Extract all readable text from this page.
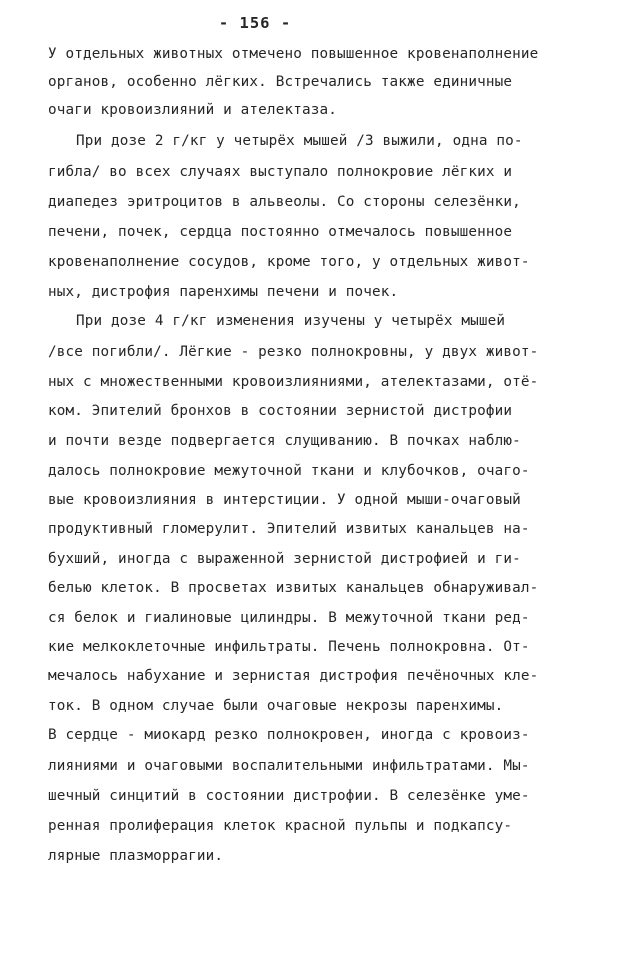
- 156 -
У отдельных животных отмечено повышенное кровенаполнение
органов, особенно лёгких. Встречались также единичные
очаги кровоизлияний и ателектаза.
При дозе 2 г/кг у четырёх мышей /3 выжили, одна по-
гибла/ во всех случаях выступало полнокровие лёгких и
диапедез эритроцитов в альвеолы. Со стороны селезёнки,
печени, почек, сердца постоянно отмечалось повышенное
кровенаполнение сосудов, кроме того, у отдельных живот-
ных, дистрофия паренхимы печени и почек.
При дозе 4 г/кг изменения изучены у четырёх мышей
/все погибли/. Лёгкие - резко полнокровны, у двух живот-
ных с множественными кровоизлияниями, ателектазами, отё-
ком. Эпителий бронхов в состоянии зернистой дистрофии
и почти везде подвергается слущиванию. В почках наблю-
далось полнокровие межуточной ткани и клубочков, очаго-
вые кровоизлияния в интерстиции. У одной мыши-очаговый
продуктивный гломерулит. Эпителий извитых канальцев на-
бухший, иногда с выраженной зернистой дистрофией и ги-
белью клеток. В просветах извитых канальцев обнаруживал-
ся белок и гиалиновые цилиндры. В межуточной ткани ред-
кие мелкоклеточные инфильтраты. Печень полнокровна. От-
мечалось набухание и зернистая дистрофия печёночных кле-
ток. В одном случае были очаговые некрозы паренхимы.
В сердце - миокард резко полнокровен, иногда с кровоиз-
лияниями и очаговыми воспалительными инфильтратами. Мы-
шечный синцитий в состоянии дистрофии. В селезёнке уме-
ренная пролиферация клеток красной пульпы и подкапсу-
лярные плазморрагии.
